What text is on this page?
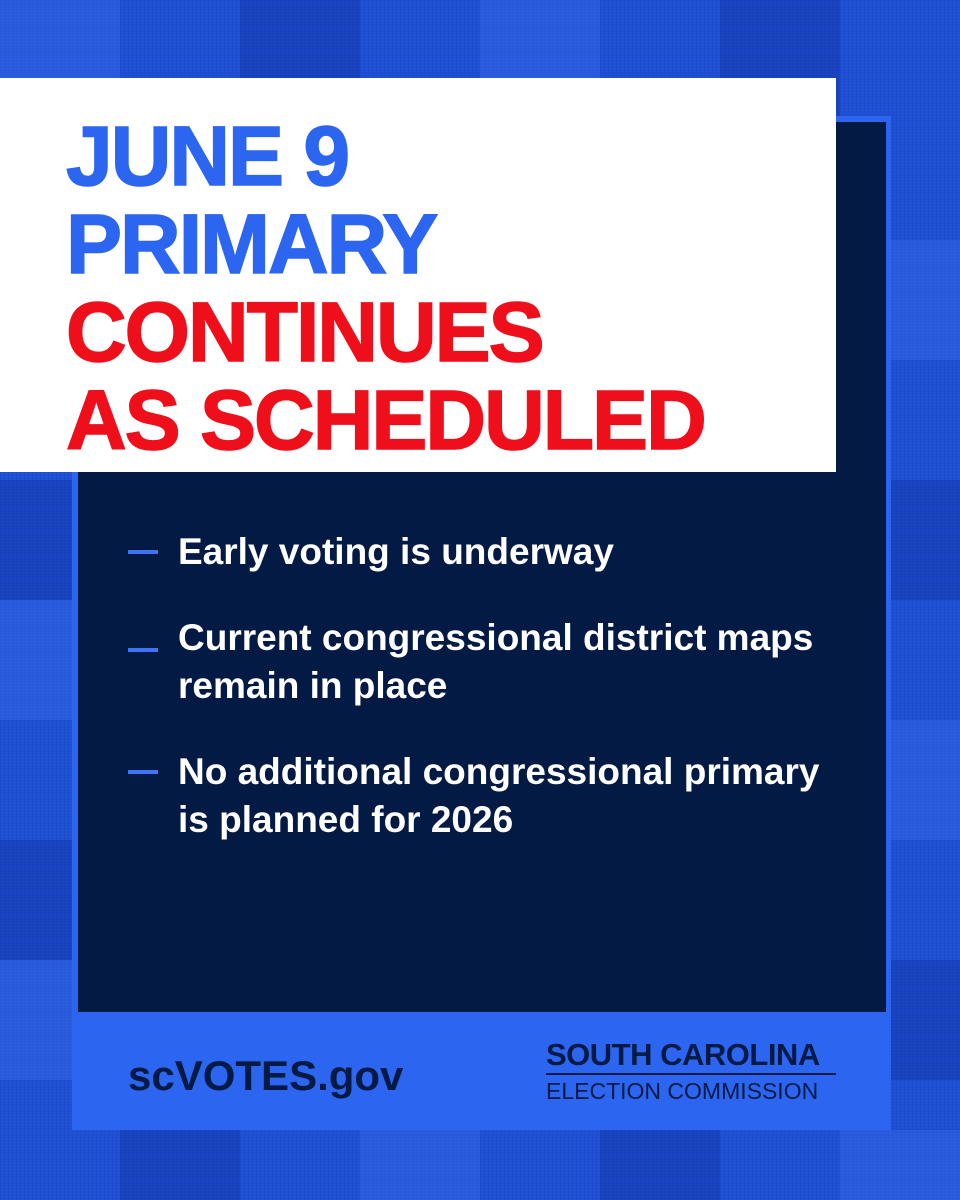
JUNE 9
PRIMARY
CONTINUES
AS SCHEDULED

Early voting is underway

Current congressional district maps remain in place

No additional congressional primary is planned for 2026

scVOTES.gov	SOUTH CAROLINA
ELECTION COMMISSION
